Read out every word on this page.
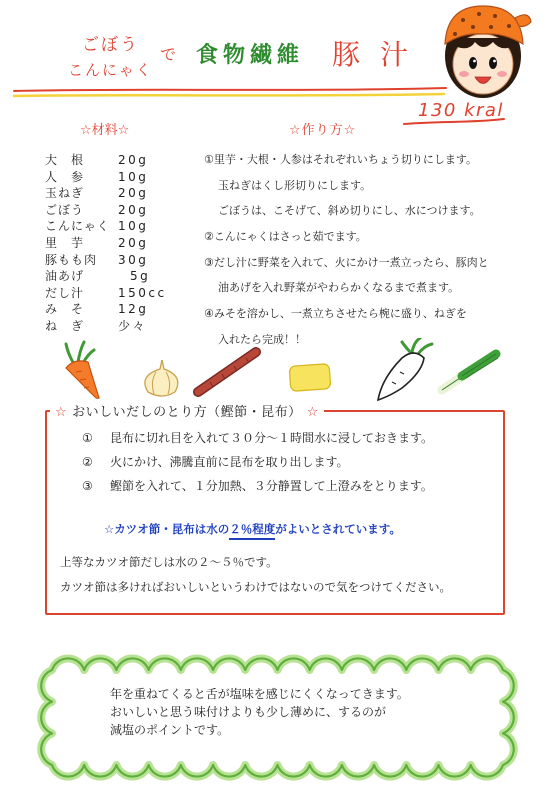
ごぼう
こんにゃく
で 食物繊維 豚汁
130 kral
☆材料☆	☆作り方☆
大　根	20g
人　参	10g
玉ねぎ	20g
ごぼう	20g
こんにゃく 10g
里　芋	20g
豚もも肉 30g
油あげ	5g
だし汁	150cc
み　そ	12g
ね　ぎ	少々
①里芋・大根・人参はそれぞれいちょう切りにします。
玉ねぎはくし形切りにします。
ごぼうは、こそげて、斜め切りにし、水につけます。
②こんにゃくはさっと茹でます。
③だし汁に野菜を入れて、火にかけ一煮立ったら、豚肉と
油あげを入れ野菜がやわらかくなるまで煮ます。
④みそを溶かし、一煮立ちさせたら椀に盛り、ねぎを
入れたら完成！！
☆ おいしいだしのとり方（鰹節・昆布） ☆
① 昆布に切れ目を入れて３０分～１時間水に浸しておきます。
② 火にかけ、沸騰直前に昆布を取り出します。
③ 鰹節を入れて、１分加熱、３分静置して上澄みをとります。
☆カツオ節・昆布は水の２％程度がよいとされています。
上等なカツオ節だしは水の２～５％です。
カツオ節は多ければおいしいというわけではないので気をつけてください。
年を重ねてくると舌が塩味を感じにくくなってきます。
おいしいと思う味付けよりも少し薄めに、するのが
減塩のポイントです。
